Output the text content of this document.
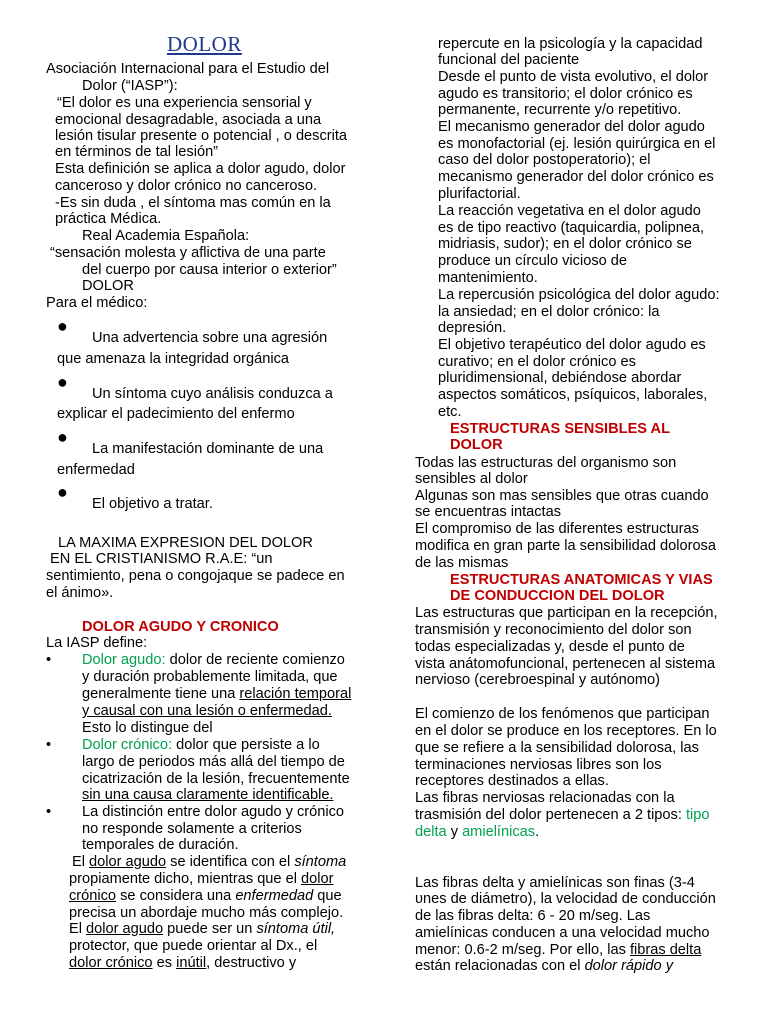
DOLOR
Asociación Internacional para el Estudio del
Dolor (“IASP”):
“El dolor es una experiencia sensorial y
emocional desagradable, asociada a una
lesión tisular presente o potencial , o descrita
en términos de tal lesión”
Esta definición se aplica a dolor agudo, dolor
canceroso y dolor crónico no canceroso.
-Es sin duda , el síntoma mas común en la
práctica Médica.
Real Academia Española:
“sensación molesta y aflictiva de una parte
del cuerpo por causa interior o exterior”
DOLOR
Para el médico:
●
Una advertencia sobre una agresión
que amenaza la integridad orgánica
●
Un síntoma cuyo análisis conduzca a
explicar el padecimiento del enfermo
●
La manifestación dominante de una
enfermedad
●
El objetivo a tratar.
LA MAXIMA EXPRESION DEL DOLOR
EN EL CRISTIANISMO R.A.E: “un
sentimiento, pena o congojaque se padece en
el ánimo».
DOLOR AGUDO Y CRONICO
La IASP define:
• Dolor agudo: dolor de reciente comienzo
y duración probablemente limitada, que
generalmente tiene una relación temporal
y causal con una lesión o enfermedad.
Esto lo distingue del
• Dolor crónico: dolor que persiste a lo
largo de periodos más allá del tiempo de
cicatrización de la lesión, frecuentemente
sin una causa claramente identificable.
• La distinción entre dolor agudo y crónico
no responde solamente a criterios
temporales de duración.
El dolor agudo se identifica con el síntoma
propiamente dicho, mientras que el dolor
crónico se considera una enfermedad que
precisa un abordaje mucho más complejo.
El dolor agudo puede ser un síntoma útil,
protector, que puede orientar al Dx., el
dolor crónico es inútil, destructivo y
repercute en la psicología y la capacidad
funcional del paciente
Desde el punto de vista evolutivo, el dolor
agudo es transitorio; el dolor crónico es
permanente, recurrente y/o repetitivo.
El mecanismo generador del dolor agudo
es monofactorial (ej. lesión quirúrgica en el
caso del dolor postoperatorio); el
mecanismo generador del dolor crónico es
plurifactorial.
La reacción vegetativa en el dolor agudo
es de tipo reactivo (taquicardia, polipnea,
midriasis, sudor); en el dolor crónico se
produce un círculo vicioso de
mantenimiento.
La repercusión psicológica del dolor agudo:
la ansiedad; en el dolor crónico: la
depresión.
El objetivo terapéutico del dolor agudo es
curativo; en el dolor crónico es
pluridimensional, debiéndose abordar
aspectos somáticos, psíquicos, laborales,
etc.
ESTRUCTURAS SENSIBLES AL
DOLOR
Todas las estructuras del organismo son
sensibles al dolor
Algunas son mas sensibles que otras cuando
se encuentras intactas
El compromiso de las diferentes estructuras
modifica en gran parte la sensibilidad dolorosa
de las mismas
ESTRUCTURAS ANATOMICAS Y VIAS
DE CONDUCCION DEL DOLOR
Las estructuras que participan en la recepción,
transmisión y reconocimiento del dolor son
todas especializadas y, desde el punto de
vista anátomofuncional, pertenecen al sistema
nervioso (cerebroespinal y autónomo)
El comienzo de los fenómenos que participan
en el dolor se produce en los receptores. En lo
que se refiere a la sensibilidad dolorosa, las
terminaciones nerviosas libres son los
receptores destinados a ellas.
Las fibras nerviosas relacionadas con la
trasmisión del dolor pertenecen a 2 tipos: tipo
delta y amielínicas.
Las fibras delta y amielínicas son finas (3-4
υnes de diámetro), la velocidad de conducción
de las fibras delta: 6 - 20 m/seg. Las
amielínicas conducen a una velocidad mucho
menor: 0.6-2 m/seg. Por ello, las fibras delta
están relacionadas con el dolor rápido y
